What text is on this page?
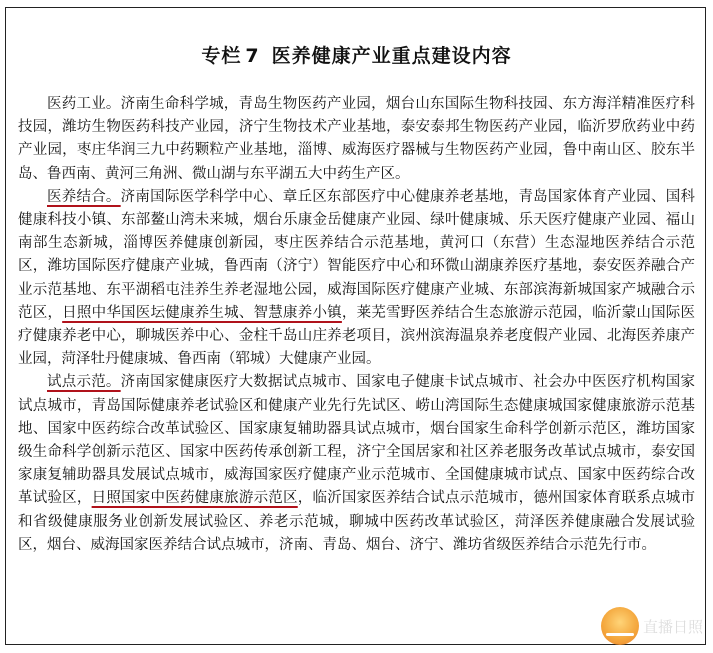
专栏 7 医养健康产业重点建设内容

医药工业。济南生命科学城，青岛生物医药产业园，烟台山东国际生物科技园、东方海洋精准医疗科技园，潍坊生物医药科技产业园，济宁生物技术产业基地，泰安泰邦生物医药产业园，临沂罗欣药业中药产业园，枣庄华润三九中药颗粒产业基地，淄博、威海医疗器械与生物医药产业园，鲁中南山区、胶东半岛、鲁西南、黄河三角洲、微山湖与东平湖五大中药生产区。

医养结合。济南国际医学科学中心、章丘区东部医疗中心健康养老基地，青岛国家体育产业园、国科健康科技小镇、东部鳌山湾未来城，烟台乐康金岳健康产业园、绿叶健康城、乐天医疗健康产业园、福山南部生态新城，淄博医养健康创新园，枣庄医养结合示范基地，黄河口（东营）生态湿地医养结合示范区，潍坊国际医疗健康产业城，鲁西南（济宁）智能医疗中心和环微山湖康养医疗基地，泰安医养融合产业示范基地、东平湖稻屯洼养生养老湿地公园，威海国际医疗健康产业城、东部滨海新城国家产城融合示范区，日照中华国医坛健康养生城、智慧康养小镇，莱芜雪野医养结合生态旅游示范园，临沂蒙山国际医疗健康养老中心，聊城医养中心、金柱千岛山庄养老项目，滨州滨海温泉养老度假产业园、北海医养康产业园，菏泽牡丹健康城、鲁西南（郓城）大健康产业园。

试点示范。济南国家健康医疗大数据试点城市、国家电子健康卡试点城市、社会办中医医疗机构国家试点城市，青岛国际健康养老试验区和健康产业先行先试区、崂山湾国际生态健康城国家健康旅游示范基地、国家中医药综合改革试验区、国家康复辅助器具试点城市，烟台国家生命科学创新示范区，潍坊国家级生命科学创新示范区、国家中医药传承创新工程，济宁全国居家和社区养老服务改革试点城市，泰安国家康复辅助器具发展试点城市，威海国家医疗健康产业示范城市、全国健康城市试点、国家中医药综合改革试验区，日照国家中医药健康旅游示范区，临沂国家医养结合试点示范城市，德州国家体育联系点城市和省级健康服务业创新发展试验区、养老示范城，聊城中医药改革试验区，菏泽医养健康融合发展试验区，烟台、威海国家医养结合试点城市，济南、青岛、烟台、济宁、潍坊省级医养结合示范先行市。

直播日照
